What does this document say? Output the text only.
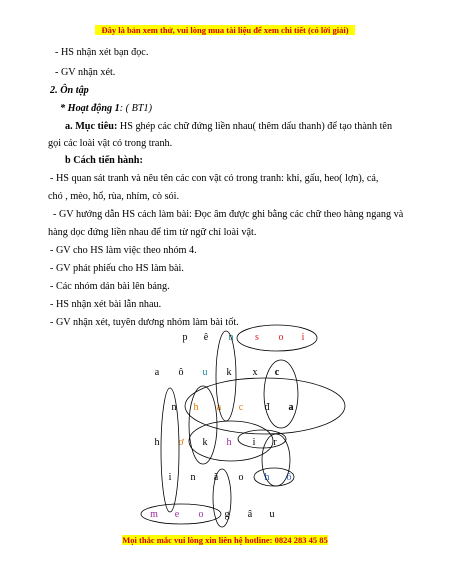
Đây là bản xem thử, vui lòng mua tài liệu để xem chi tiết (có lời giải)
- HS nhận xét bạn đọc.
- GV nhận xét.
2. Ôn tập
* Hoạt động 1: ( BT1)
a. Mục tiêu: HS ghép các chữ đứng liền nhau( thêm dấu thanh) để tạo thành tên
gọi các loài vật có trong tranh.
b Cách tiến hành:
- HS quan sát tranh và nêu tên các con vật có trong tranh: khỉ, gấu, heo( lợn), cá,
chó , mèo, hổ, rùa, nhím, cò sói.
- GV hướng dẫn HS cách làm bài: Đọc âm được ghi bằng các chữ theo hàng ngang và
hàng dọc đứng liền nhau để tìm từ ngữ chỉ loài vật.
- GV cho HS làm việc theo nhóm 4.
- GV phát phiếu cho HS làm bài.
- Các nhóm dán bài lên bảng.
- HS nhận xét bài lẫn nhau.
- GV nhận xét, tuyên dương nhóm làm bài tốt.
p ê n	s	o	i
a ô u k x c
n h a c đ a
h ơ k h	i	r
i	n ă o h ô
m e o g â u
Mọi thắc mắc vui lòng xin liên hệ hotline: 0824 283 45 85
